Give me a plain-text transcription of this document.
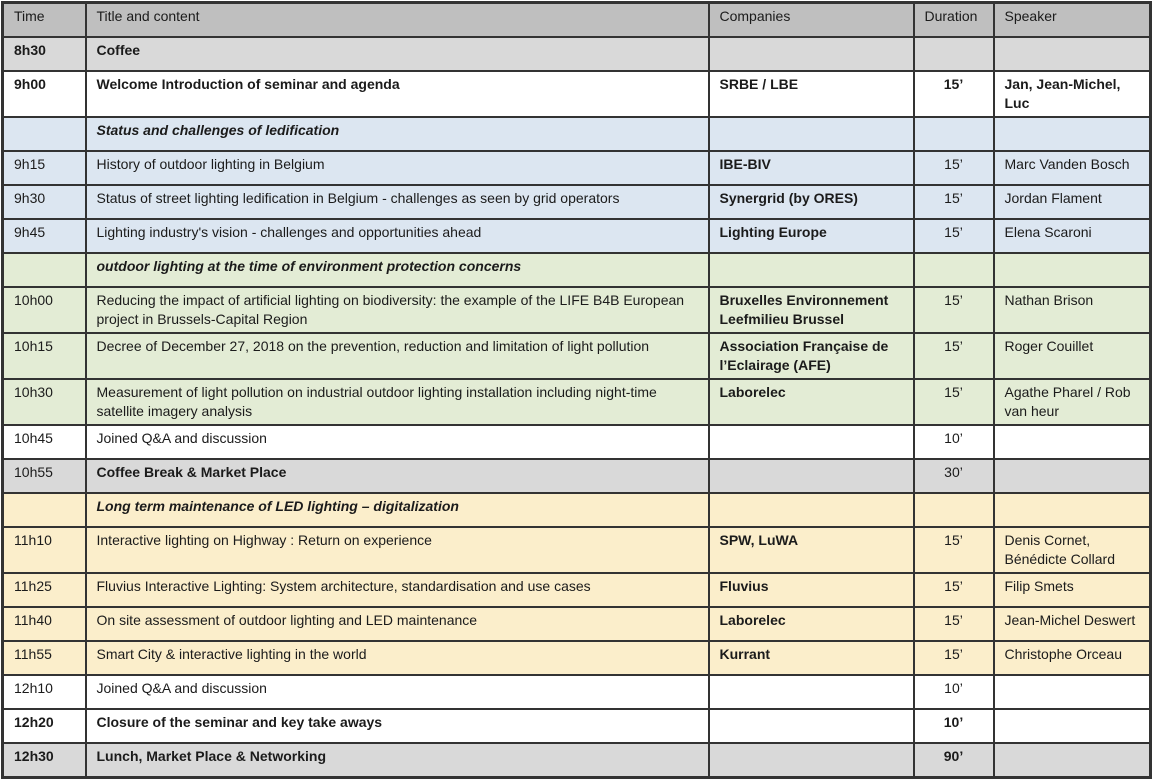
Time	Title and content	Companies	Duration	Speaker
8h30	Coffee			
9h00	Welcome Introduction of seminar and agenda	SRBE / LBE	15’	Jan, Jean-Michel, Luc
	Status and challenges of ledification			
9h15	History of outdoor lighting in Belgium	IBE-BIV	15’	Marc Vanden Bosch
9h30	Status of street lighting ledification in Belgium - challenges as seen by grid operators	Synergrid (by ORES)	15’	Jordan Flament
9h45	Lighting industry's vision - challenges and opportunities ahead	Lighting Europe	15’	Elena Scaroni
	outdoor lighting at the time of environment protection concerns			
10h00	Reducing the impact of artificial lighting on biodiversity: the example of the LIFE B4B European project in Brussels-Capital Region	Bruxelles Environnement Leefmilieu Brussel	15’	Nathan Brison
10h15	Decree of December 27, 2018 on the prevention, reduction and limitation of light pollution	Association Française de l’Eclairage (AFE)	15’	Roger Couillet
10h30	Measurement of light pollution on industrial outdoor lighting installation including night-time satellite imagery analysis	Laborelec	15’	Agathe Pharel / Rob van heur
10h45	Joined Q&A and discussion		10’	
10h55	Coffee Break & Market Place		30’	
	Long term maintenance of LED lighting – digitalization			
11h10	Interactive lighting on Highway : Return on experience	SPW, LuWA	15’	Denis Cornet, Bénédicte Collard
11h25	Fluvius Interactive Lighting: System architecture, standardisation and use cases	Fluvius	15’	Filip Smets
11h40	On site assessment of outdoor lighting and LED maintenance	Laborelec	15’	Jean-Michel Deswert
11h55	Smart City & interactive lighting in the world	Kurrant	15’	Christophe Orceau
12h10	Joined Q&A and discussion		10’	
12h20	Closure of the seminar and key take aways		10’	
12h30	Lunch, Market Place & Networking		90’	
